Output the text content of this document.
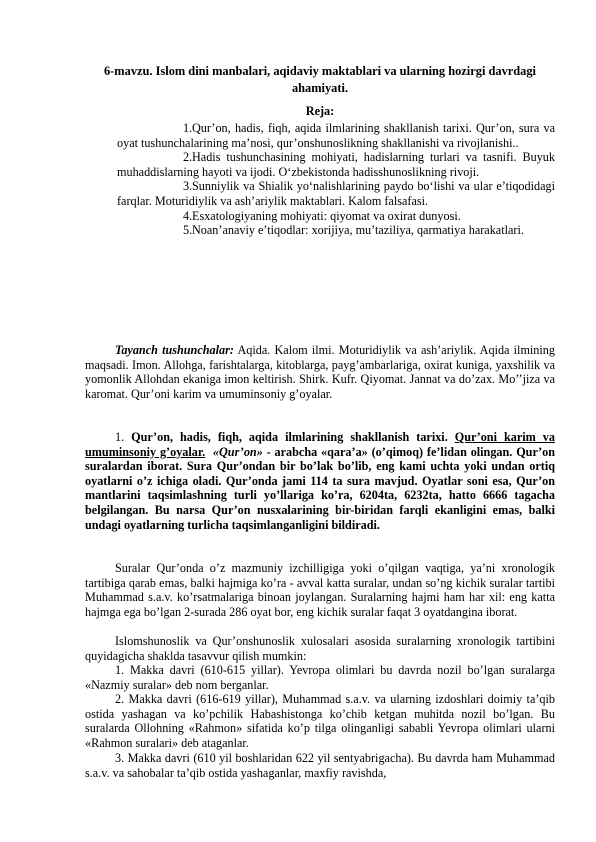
6-mavzu. Islom dini manbalari, aqidaviy maktablari va ularning hozirgi davrdagi ahamiyati.
Reja:
1.Qur’on, hadis, fiqh, aqida ilmlarining shakllanish tarixi. Qur’on, sura va oyat tushunchalarining ma’nosi, qur’onshunoslikning shakllanishi va rivojlanishi..
2.Hadis tushunchasining mohiyati, hadislarning turlari va tasnifi. Buyuk muhaddislarning hayoti va ijodi. O‘zbekistonda hadisshunoslikning rivoji.
3.Sunniylik va Shialik yo‘nalishlarining paydo bo‘lishi va ular e’tiqodidagi farqlar. Moturidiylik va ash’ariylik maktablari. Kalom falsafasi.
4.Esxatologiyaning mohiyati: qiyomat va oxirat dunyosi.
5.Noan’anaviy e’tiqodlar: xorijiya, mu’taziliya, qarmatiya harakatlari.

Tayanch tushunchalar: Aqida. Kalom ilmi. Moturidiylik va ash’ariylik. Aqida ilmining maqsadi. Imon. Allohga, farishtalarga, kitoblarga, payg’ambarlariga, oxirat kuniga, yaxshilik va yomonlik Allohdan ekaniga imon keltirish. Shirk. Kufr. Qiyomat. Jannat va do’zax. Mo’’jiza va karomat. Qur’oni karim va umuminsoniy g’oyalar.

1. Qur’on, hadis, fiqh, aqida ilmlarining shakllanish tarixi. Qur’oni karim va umuminsoniy g’oyalar. «Qur’on» - arabcha «qara’a» (o’qimoq) fe’lidan olingan. Qur’on suralardan iborat. Sura Qur’ondan bir bo’lak bo’lib, eng kami uchta yoki undan ortiq oyatlarni o’z ichiga oladi. Qur’onda jami 114 ta sura mavjud. Oyatlar soni esa, Qur’on mantlarini taqsimlashning turli yo’llariga ko’ra, 6204ta, 6232ta, hatto 6666 tagacha belgilangan. Bu narsa Qur’on nusxalarining bir-biridan farqli ekanligini emas, balki undagi oyatlarning turlicha taqsimlanganligini bildiradi.

Suralar Qur’onda o’z mazmuniy izchilligiga yoki o’qilgan vaqtiga, ya’ni xronologik tartibiga qarab emas, balki hajmiga ko’ra - avval katta suralar, undan so’ng kichik suralar tartibi Muhammad s.a.v. ko’rsatmalariga binoan joylangan. Suralarning hajmi ham har xil: eng katta hajmga ega bo’lgan 2-surada 286 oyat bor, eng kichik suralar faqat 3 oyatdangina iborat.

Islomshunoslik va Qur’onshunoslik xulosalari asosida suralarning xronologik tartibini quyidagicha shaklda tasavvur qilish mumkin:

1. Makka davri (610-615 yillar). Yevropa olimlari bu davrda nozil bo’lgan suralarga «Nazmiy suralar» deb nom berganlar.

2. Makka davri (616-619 yillar), Muhammad s.a.v. va ularning izdoshlari doimiy ta’qib ostida yashagan va ko’pchilik Habashistonga ko’chib ketgan muhitda nozil bo’lgan. Bu suralarda Ollohning «Rahmon» sifatida ko’p tilga olinganligi sababli Yevropa olimlari ularni «Rahmon suralari» deb ataganlar.

3. Makka davri (610 yil boshlaridan 622 yil sentyabrigacha). Bu davrda ham Muhammad s.a.v. va sahobalar ta’qib ostida yashaganlar, maxfiy ravishda,
